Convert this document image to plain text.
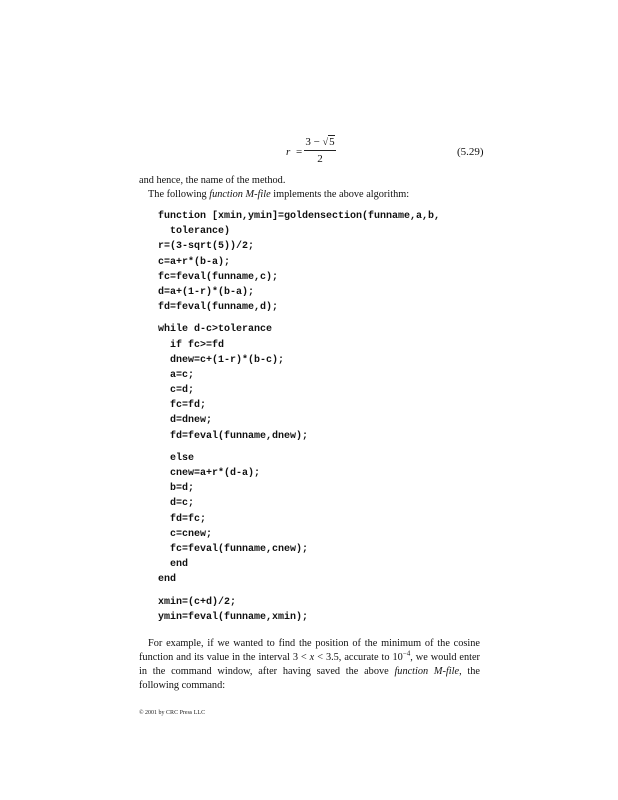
r =
3 − √5
2
(5.29)

and hence, the name of the method.

The following function M-file implements the above algorithm:

function [xmin,ymin]=goldensection(funname,a,b,
tolerance)
r=(3-sqrt(5))/2;
c=a+r*(b-a);
fc=feval(funname,c);
d=a+(1-r)*(b-a);
fd=feval(funname,d);
while d-c>tolerance
if fc>=fd
dnew=c+(1-r)*(b-c);
a=c;
c=d;
fc=fd;
d=dnew;
fd=feval(funname,dnew);
else
cnew=a+r*(d-a);
b=d;
d=c;
fd=fc;
c=cnew;
fc=feval(funname,cnew);
end
end
xmin=(c+d)/2;
ymin=feval(funname,xmin);

For example, if we wanted to find the position of the minimum of the cosine function and its value in the interval 3 < x < 3.5, accurate to $10^{-4}$, we would enter in the command window, after having saved the above function M-file, the following command:

© 2001 by CRC Press LLC
